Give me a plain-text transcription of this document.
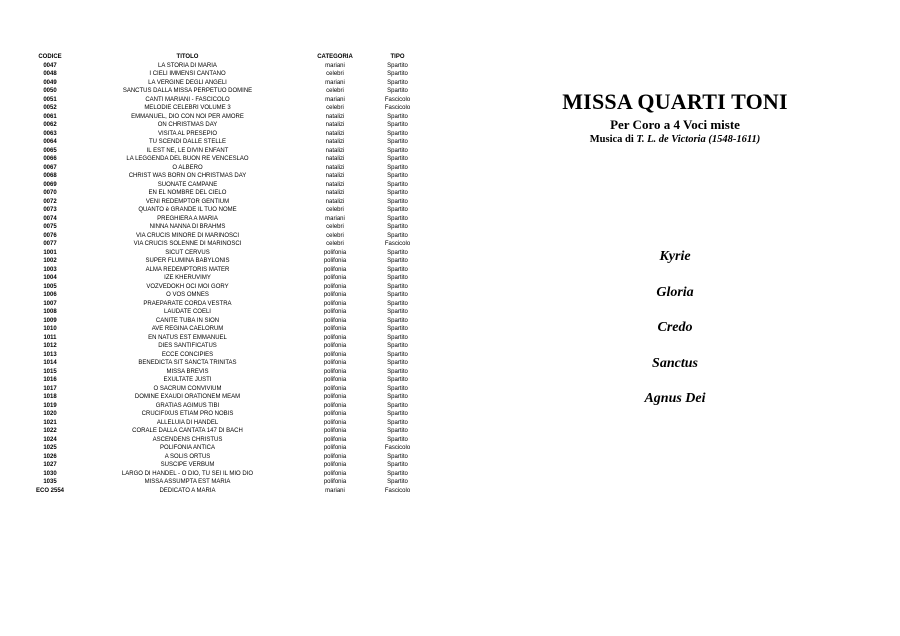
CODICE	TITOLO	CATEGORIA	TIPO
0047	LA STORIA DI MARIA	mariani	Spartito
0048	I CIELI IMMENSI CANTANO	celebri	Spartito
0049	LA VERGINE DEGLI ANGELI	mariani	Spartito
0050	SANCTUS DALLA MISSA PERPETUO DOMINE	celebri	Spartito
0051	CANTI MARIANI - FASCICOLO	mariani	Fascicolo
0052	MELODIE CELEBRI VOLUME 3	celebri	Fascicolo
0061	EMMANUEL, DIO CON NOI PER AMORE	natalizi	Spartito
0062	ON CHRISTMAS DAY	natalizi	Spartito
0063	VISITA AL PRESEPIO	natalizi	Spartito
0064	TU SCENDI DALLE STELLE	natalizi	Spartito
0065	IL EST NE, LE DIVIN ENFANT	natalizi	Spartito
0066	LA LEGGENDA DEL BUON RE VENCESLAO	natalizi	Spartito
0067	O ALBERO	natalizi	Spartito
0068	CHRIST WAS BORN ON CHRISTMAS DAY	natalizi	Spartito
0069	SUONATE CAMPANE	natalizi	Spartito
0070	EN EL NOMBRE DEL CIELO	natalizi	Spartito
0072	VENI REDEMPTOR GENTIUM	natalizi	Spartito
0073	QUANTO è GRANDE IL TUO NOME	celebri	Spartito
0074	PREGHIERA A MARIA	mariani	Spartito
0075	NINNA NANNA DI BRAHMS	celebri	Spartito
0076	VIA CRUCIS MINORE DI MARINOSCI	celebri	Spartito
0077	VIA CRUCIS SOLENNE DI MARINOSCI	celebri	Fascicolo
1001	SICUT CERVUS	polifonia	Spartito
1002	SUPER FLUMINA BABYLONIS	polifonia	Spartito
1003	ALMA REDEMPTORIS MATER	polifonia	Spartito
1004	IZE KHERUVIMY	polifonia	Spartito
1005	VOZVEDOKH OCI MOI GORY	polifonia	Spartito
1006	O VOS OMNES	polifonia	Spartito
1007	PRAEPARATE CORDA VESTRA	polifonia	Spartito
1008	LAUDATE COELI	polifonia	Spartito
1009	CANITE TUBA IN SION	polifonia	Spartito
1010	AVE REGINA CAELORUM	polifonia	Spartito
1011	EN NATUS EST EMMANUEL	polifonia	Spartito
1012	DIES SANTIFICATUS	polifonia	Spartito
1013	ECCE CONCIPIES	polifonia	Spartito
1014	BENEDICTA SIT SANCTA TRINITAS	polifonia	Spartito
1015	MISSA BREVIS	polifonia	Spartito
1016	EXULTATE JUSTI	polifonia	Spartito
1017	O SACRUM CONVIVIUM	polifonia	Spartito
1018	DOMINE EXAUDI ORATIONEM MEAM	polifonia	Spartito
1019	GRATIAS AGIMUS TIBI	polifonia	Spartito
1020	CRUCIFIXUS ETIAM PRO NOBIS	polifonia	Spartito
1021	ALLELUIA DI HANDEL	polifonia	Spartito
1022	CORALE DALLA CANTATA 147 DI BACH	polifonia	Spartito
1024	ASCENDENS CHRISTUS	polifonia	Spartito
1025	POLIFONIA ANTICA	polifonia	Fascicolo
1026	A SOLIS ORTUS	polifonia	Spartito
1027	SUSCIPE VERBUM	polifonia	Spartito
1030	LARGO DI HANDEL - O DIO, TU SEI IL MIO DIO	polifonia	Spartito
1035	MISSA ASSUMPTA EST MARIA	polifonia	Spartito
ECO 2554	DEDICATO A MARIA	mariani	Fascicolo
MISSA QUARTI TONI
Per Coro a 4 Voci miste
Musica di T. L. de Victoria (1548-1611)
Kyrie
Gloria
Credo
Sanctus
Agnus Dei
